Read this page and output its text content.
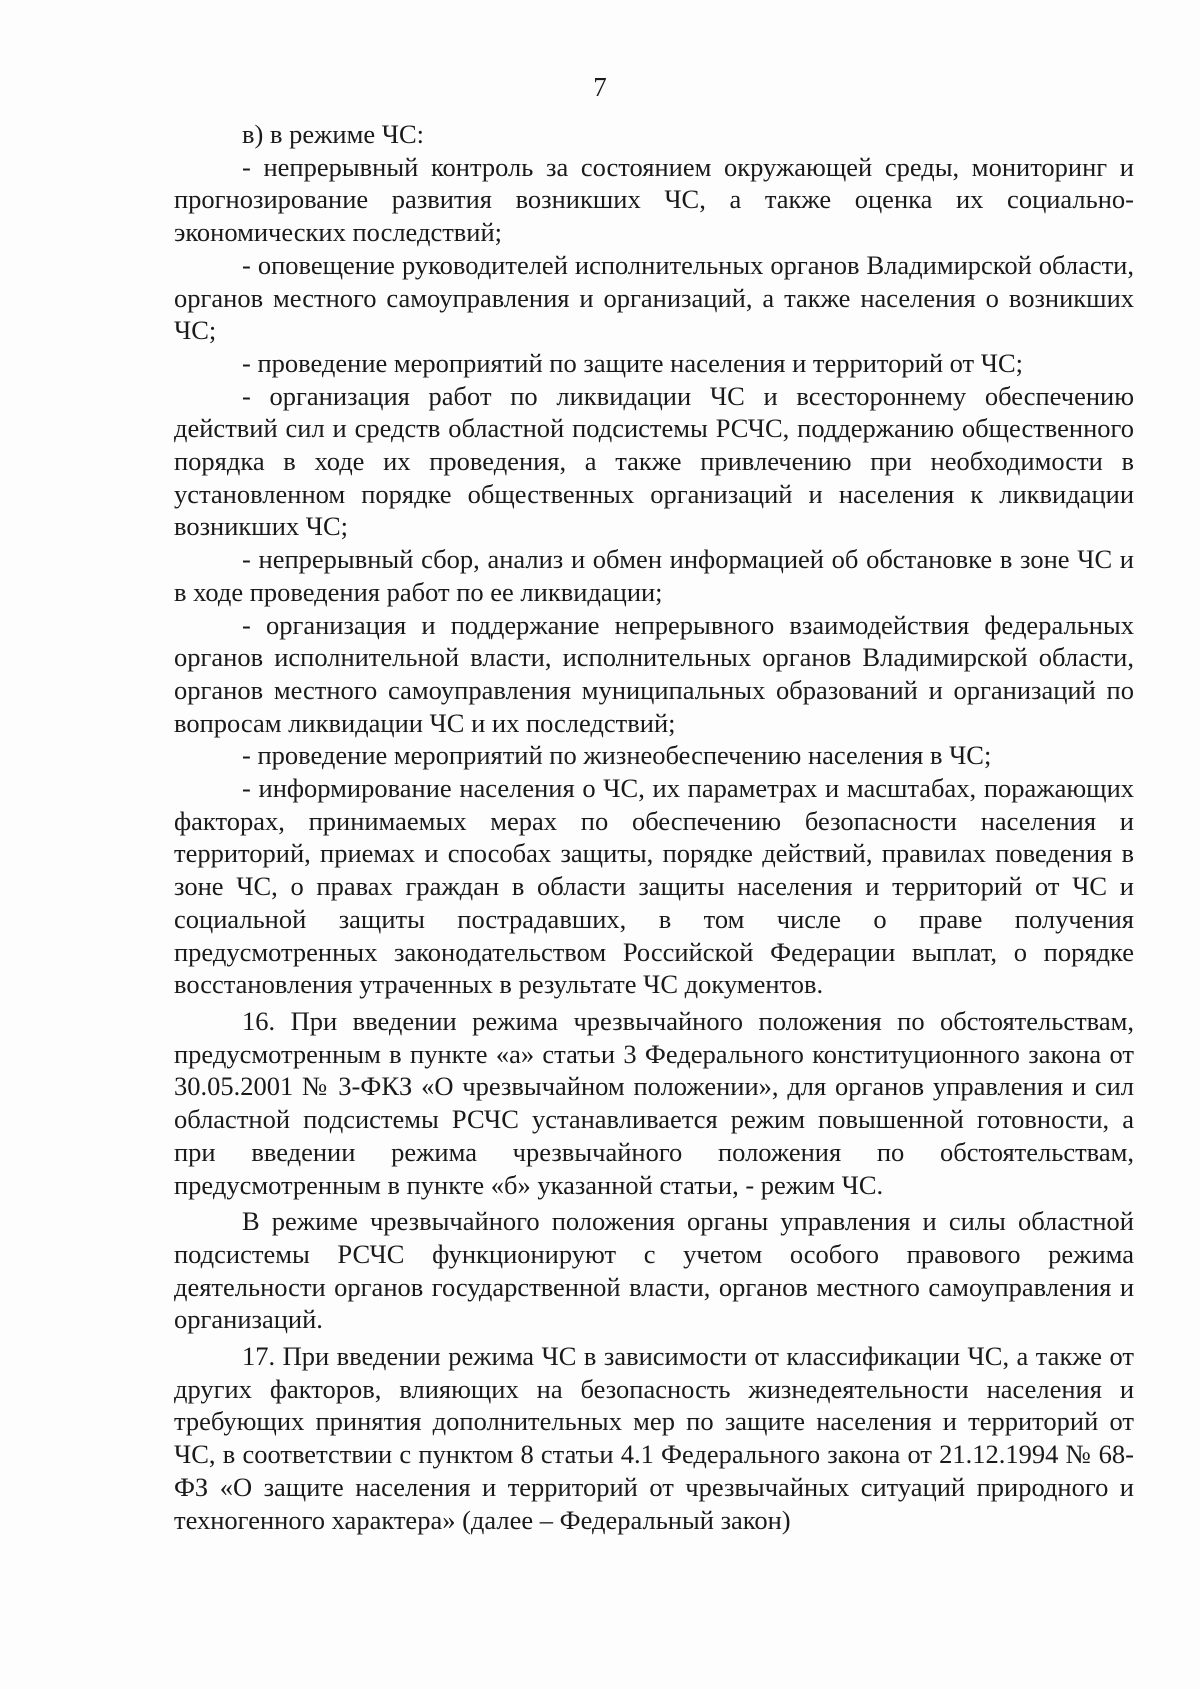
7

в) в режиме ЧС:

- непрерывный контроль за состоянием окружающей среды, мониторинг и прогнозирование развития возникших ЧС, а также оценка их социально-экономических последствий;

- оповещение руководителей исполнительных органов Владимирской области, органов местного самоуправления и организаций, а также населения о возникших ЧС;

- проведение мероприятий по защите населения и территорий от ЧС;

- организация работ по ликвидации ЧС и всестороннему обеспечению действий сил и средств областной подсистемы РСЧС, поддержанию общественного порядка в ходе их проведения, а также привлечению при необходимости в установленном порядке общественных организаций и населения к ликвидации возникших ЧС;

- непрерывный сбор, анализ и обмен информацией об обстановке в зоне ЧС и в ходе проведения работ по ее ликвидации;

- организация и поддержание непрерывного взаимодействия федеральных органов исполнительной власти, исполнительных органов Владимирской области, органов местного самоуправления муниципальных образований и организаций по вопросам ликвидации ЧС и их последствий;

- проведение мероприятий по жизнеобеспечению населения в ЧС;

- информирование населения о ЧС, их параметрах и масштабах, поражающих факторах, принимаемых мерах по обеспечению безопасности населения и территорий, приемах и способах защиты, порядке действий, правилах поведения в зоне ЧС, о правах граждан в области защиты населения и территорий от ЧС и социальной защиты пострадавших, в том числе о праве получения предусмотренных законодательством Российской Федерации выплат, о порядке восстановления утраченных в результате ЧС документов.

16. При введении режима чрезвычайного положения по обстоятельствам, предусмотренным в пункте «а» статьи 3 Федерального конституционного закона от 30.05.2001 № 3-ФКЗ «О чрезвычайном положении», для органов управления и сил областной подсистемы РСЧС устанавливается режим повышенной готовности, а при введении режима чрезвычайного положения по обстоятельствам, предусмотренным в пункте «б» указанной статьи, - режим ЧС.

В режиме чрезвычайного положения органы управления и силы областной подсистемы РСЧС функционируют с учетом особого правового режима деятельности органов государственной власти, органов местного самоуправления и организаций.

17. При введении режима ЧС в зависимости от классификации ЧС, а также от других факторов, влияющих на безопасность жизнедеятельности населения и требующих принятия дополнительных мер по защите населения и территорий от ЧС, в соответствии с пунктом 8 статьи 4.1 Федерального закона от 21.12.1994 № 68-ФЗ «О защите населения и территорий от чрезвычайных ситуаций природного и техногенного характера» (далее – Федеральный закон)
